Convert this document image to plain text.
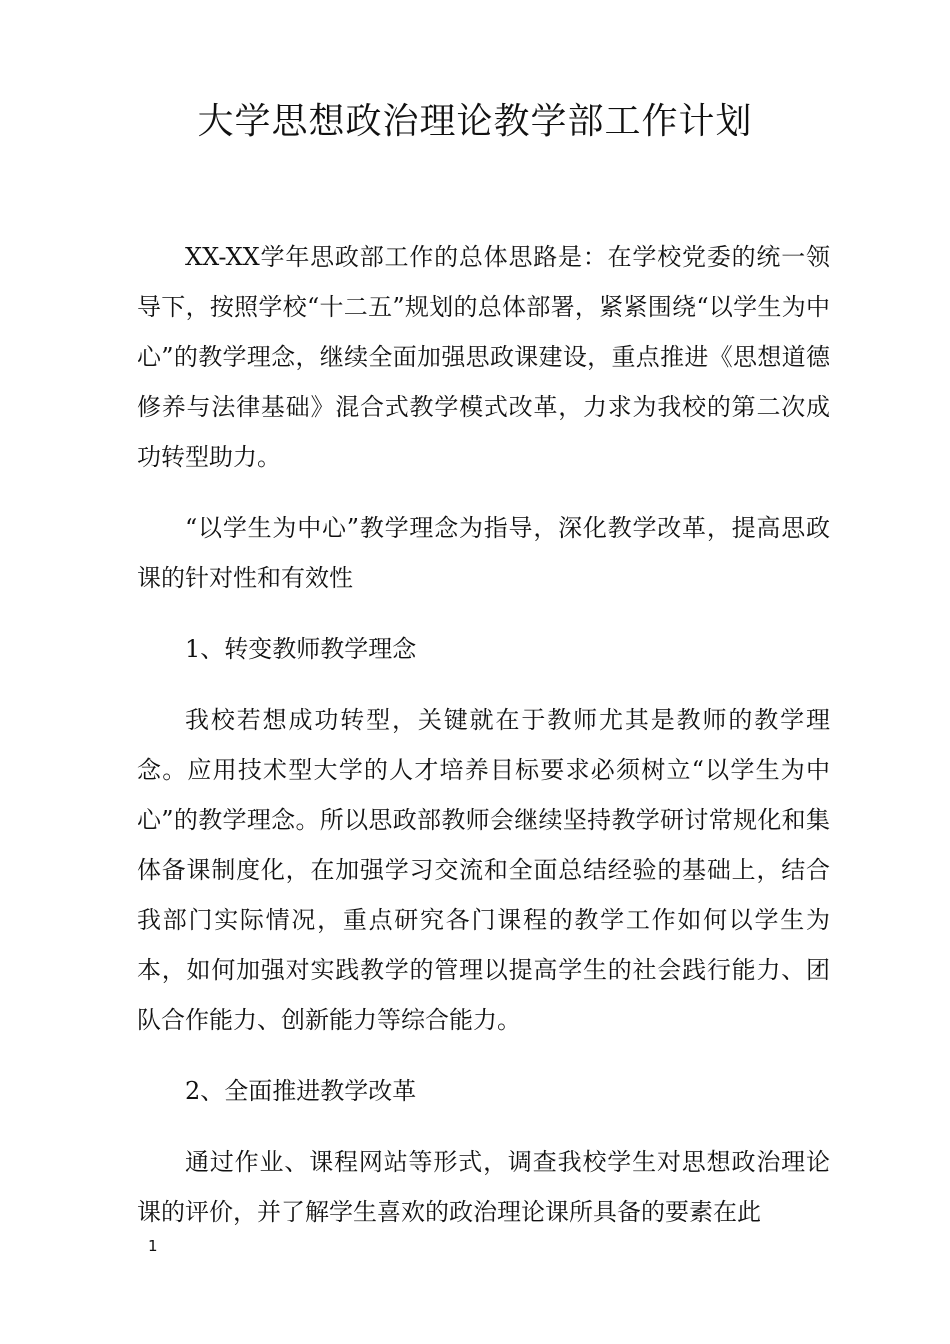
大学思想政治理论教学部工作计划

XX-XX学年思政部工作的总体思路是：在学校党委的统一领导下，按照学校“十二五”规划的总体部署，紧紧围绕“以学生为中心”的教学理念，继续全面加强思政课建设，重点推进《思想道德修养与法律基础》混合式教学模式改革，力求为我校的第二次成功转型助力。

“以学生为中心”教学理念为指导，深化教学改革，提高思政课的针对性和有效性

1、转变教师教学理念

我校若想成功转型，关键就在于教师尤其是教师的教学理念。应用技术型大学的人才培养目标要求必须树立“以学生为中心”的教学理念。所以思政部教师会继续坚持教学研讨常规化和集体备课制度化，在加强学习交流和全面总结经验的基础上，结合我部门实际情况，重点研究各门课程的教学工作如何以学生为本，如何加强对实践教学的管理以提高学生的社会践行能力、团队合作能力、创新能力等综合能力。

2、全面推进教学改革

通过作业、课程网站等形式，调查我校学生对思想政治理论课的评价，并了解学生喜欢的政治理论课所具备的要素在此

1
